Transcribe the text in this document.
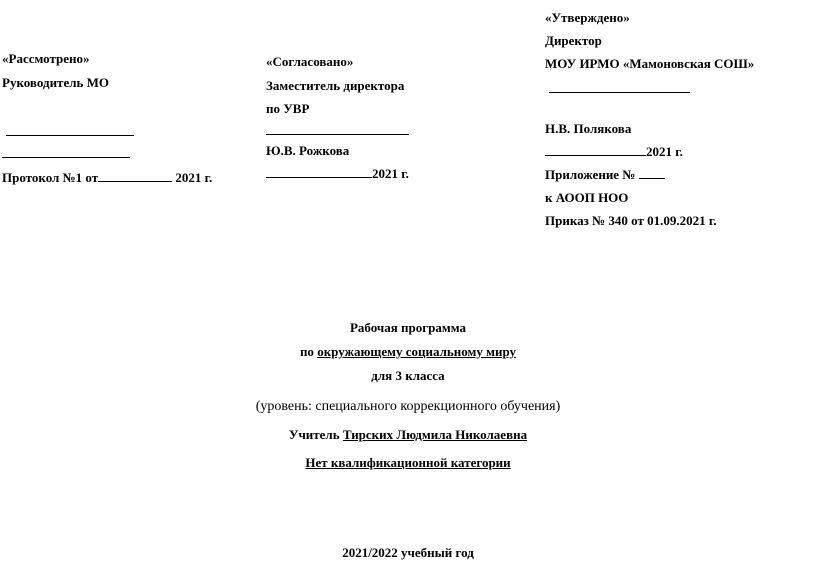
«Рассмотрено»
Руководитель МО
Протокол №1 от	2021 г.
«Согласовано»
Заместитель директора
по УВР
Ю.В. Рожкова
2021 г.
«Утверждено»
Директор
МОУ ИРМО «Мамоновская СОШ»
Н.В. Полякова
2021 г.
Приложение №
к АООП НОО
Приказ № 340 от 01.09.2021 г.
Рабочая программа
по окружающему социальному миру
для 3 класса
(уровень: специального коррекционного обучения)
Учитель Тирских Людмила Николаевна
Нет квалификационной категории
2021/2022 учебный год
